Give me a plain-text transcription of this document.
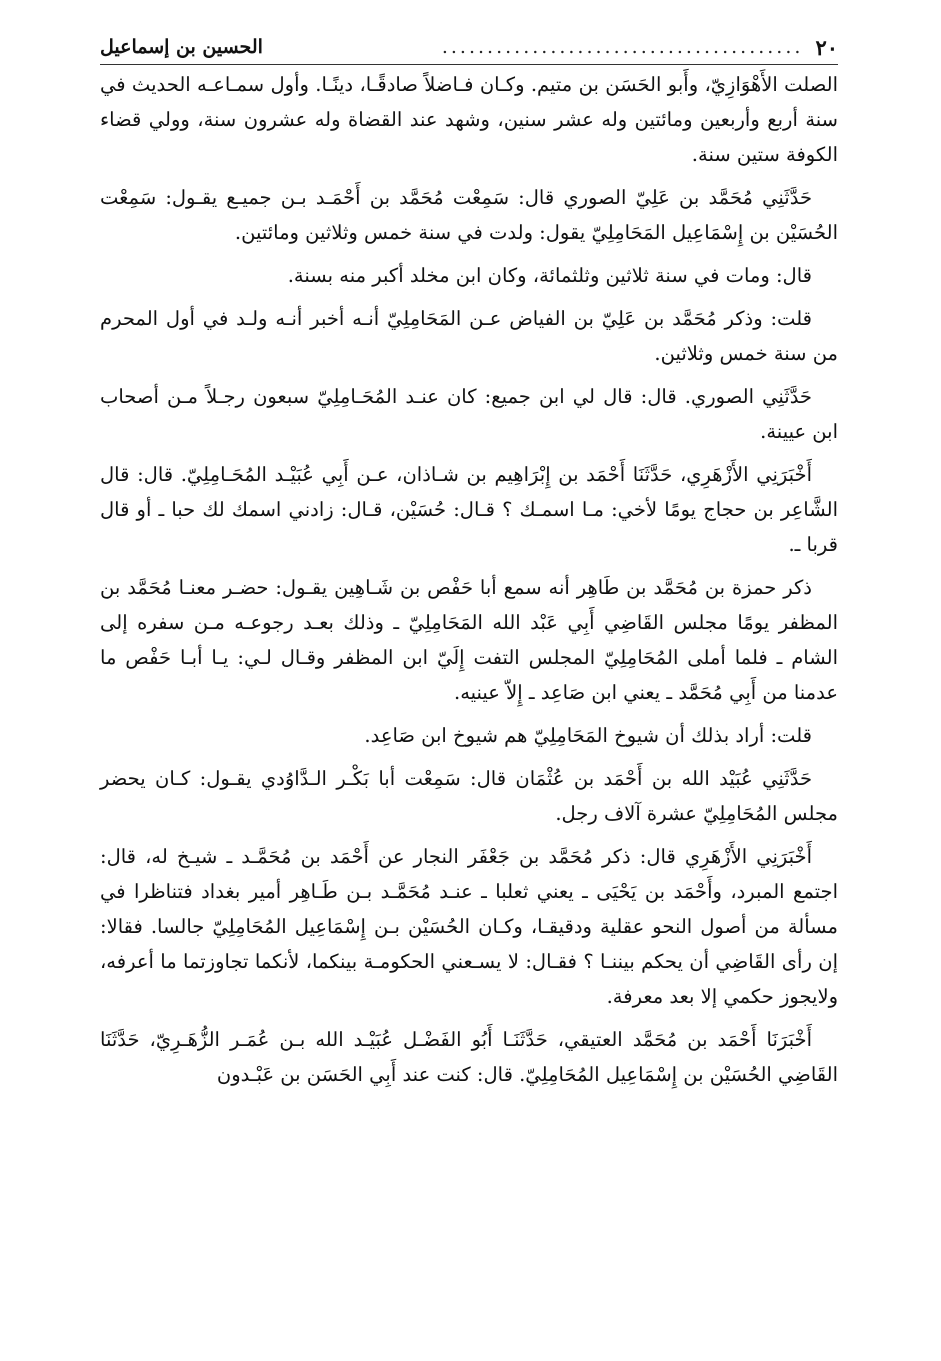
٢٠
........................................
الحسين بن إسماعيل

الصلت الأَهْوَازِيّ، وأَبو الحَسَن بن متيم. وكـان فـاضلاً صادقًـا، دينًـا. وأول سمـاعـه الحديث في سنة أربع وأربعين ومائتين وله عشر سنين، وشهد عند القضاة وله عشرون سنة، وولي قضاء الكوفة ستين سنة.

حَدَّثَنِي مُحَمَّد بن عَلِيّ الصوري قال: سَمِعْت مُحَمَّد بن أَحْمَـد بـن جميـع يقـول: سَمِعْت الحُسَيْن بن إِسْمَاعِيل المَحَامِلِيّ يقول: ولدت في سنة خمس وثلاثين ومائتين.

قال: ومات في سنة ثلاثين وثلثمائة، وكان ابن مخلد أكبر منه بسنة.

قلت: وذكر مُحَمَّد بن عَلِيّ بن الفياض عـن المَحَامِلِيّ أنـه أخبر أنـه ولـد في أول المحرم من سنة خمس وثلاثين.

حَدَّثَنِي الصوري. قال: قال لي ابن جميع: كان عنـد المُحَـامِلِيّ سبعون رجـلاً مـن أصحاب ابن عيينة.

أَخْبَرَنِي الأَزْهَرِي، حَدَّثَنَا أَحْمَد بن إِبْرَاهِيم بن شـاذان، عـن أَبِي عُبَيْـد المُحَـامِلِيّ. قال: قال الشَّاعِر بن حجاج يومًا لأخي: مـا اسمـك ؟ قـال: حُسَيْن، قـال: زادني اسمك لك حبا ـ أو قال قربا ـ.

ذكر حمزة بن مُحَمَّد بن طَاهِر أنه سمع أبا حَفْص بن شَـاهِين يقـول: حضـر معنـا مُحَمَّد بن المظفر يومًا مجلس القَاضِي أَبِي عَبْد الله المَحَامِلِيّ ـ وذلك بعـد رجوعـه مـن سفره إلى الشام ـ فلما أملى المُحَامِلِيّ المجلس التفت إِلَيّ ابن المظفر وقـال لـي: يـا أبـا حَفْص ما عدمنا من أَبِي مُحَمَّد ـ يعني ابن صَاعِد ـ إِلاّ عينيه.

قلت: أراد بذلك أن شيوخ المَحَامِلِيّ هم شيوخ ابن صَاعِد.

حَدَّثَنِي عُبَيْد الله بن أَحْمَد بن عُثْمَان قال: سَمِعْت أبا بَكْـر الـدَّاوُدي يقـول: كـان يحضر مجلس المُحَامِلِيّ عشرة آلاف رجل.

أَخْبَرَنِي الأَزْهَرِي قال: ذكر مُحَمَّد بن جَعْفَر النجار عن أَحْمَد بن مُحَمَّـد ـ شيـخ له، قال: اجتمع المبرد، وأَحْمَد بن يَحْيَى ـ يعني ثعلبا ـ عنـد مُحَمَّـد بـن طَـاهِر أمير بغداد فتناظرا في مسألة من أصول النحو عقلية ودقيقـا، وكـان الحُسَيْن بـن إِسْمَاعِيل المُحَامِلِيّ جالسا. فقالا: إن رأى القَاضِي أن يحكم بيننـا ؟ فقـال: لا يسـعني الحكومـة بينكما، لأنكما تجاوزتما ما أعرفه، ولايجوز حكمي إلا بعد معرفة.

أَخْبَرَنَا أَحْمَد بن مُحَمَّد العتيقي، حَدَّثَنَـا أَبُو الفَضْـل عُبَيْـد الله بـن عُمَـر الزُّهَـرِيّ، حَدَّثَنَا القَاضِي الحُسَيْن بن إِسْمَاعِيل المُحَامِلِيّ. قال: كنت عند أَبِي الحَسَن بن عَبْـدون
